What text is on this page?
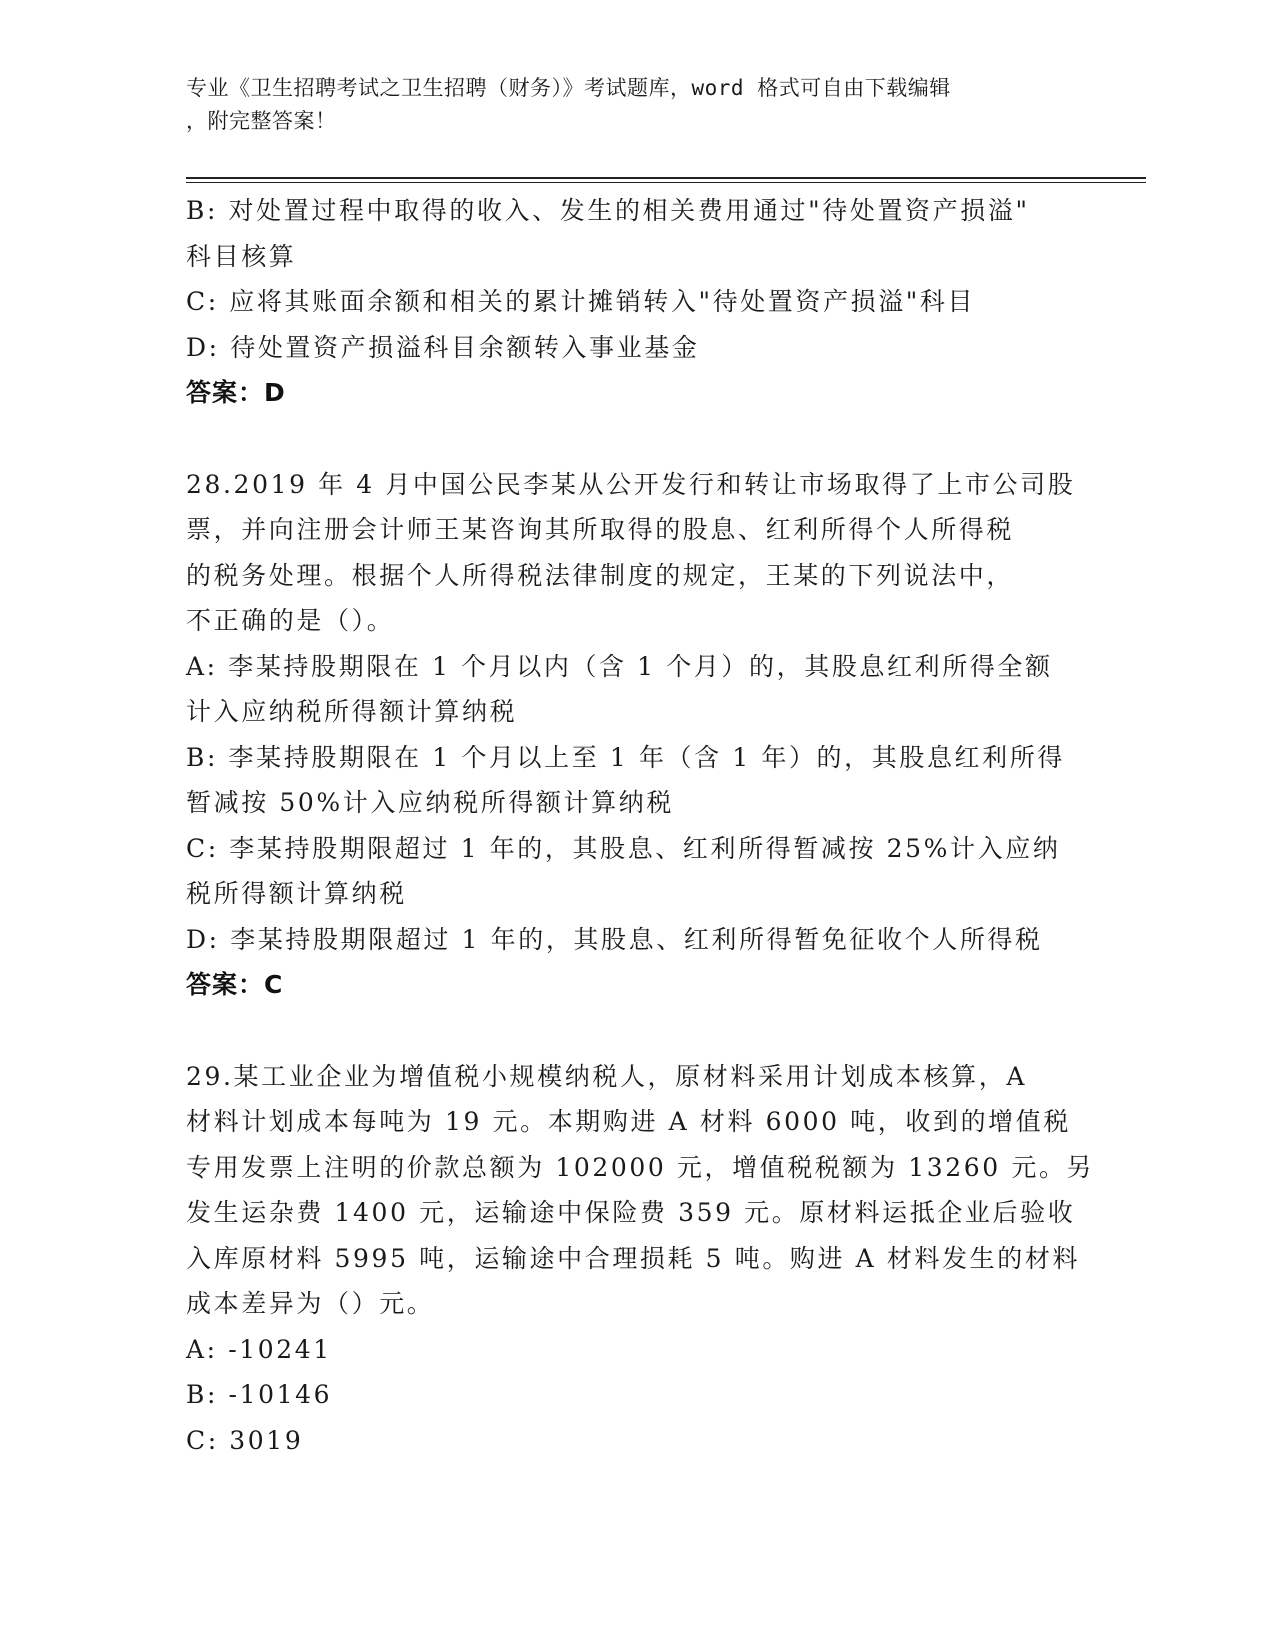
专业《卫生招聘考试之卫生招聘（财务）》考试题库，word 格式可自由下载编辑
，附完整答案！
B: 对处置过程中取得的收入、发生的相关费用通过"待处置资产损溢"
科目核算
C: 应将其账面余额和相关的累计摊销转入"待处置资产损溢"科目
D: 待处置资产损溢科目余额转入事业基金
答案：D
28.2019 年 4 月中国公民李某从公开发行和转让市场取得了上市公司股
票，并向注册会计师王某咨询其所取得的股息、红利所得个人所得税
的税务处理。根据个人所得税法律制度的规定，王某的下列说法中，
不正确的是（）。
A: 李某持股期限在 1 个月以内（含 1 个月）的，其股息红利所得全额
计入应纳税所得额计算纳税
B: 李某持股期限在 1 个月以上至 1 年（含 1 年）的，其股息红利所得
暂减按 50%计入应纳税所得额计算纳税
C: 李某持股期限超过 1 年的，其股息、红利所得暂减按 25%计入应纳
税所得额计算纳税
D: 李某持股期限超过 1 年的，其股息、红利所得暂免征收个人所得税
答案：C
29.某工业企业为增值税小规模纳税人，原材料采用计划成本核算，A
材料计划成本每吨为 19 元。本期购进 A 材料 6000 吨，收到的增值税
专用发票上注明的价款总额为 102000 元，增值税税额为 13260 元。另
发生运杂费 1400 元，运输途中保险费 359 元。原材料运抵企业后验收
入库原材料 5995 吨，运输途中合理损耗 5 吨。购进 A 材料发生的材料
成本差异为（）元。
A: -10241
B: -10146
C: 3019
